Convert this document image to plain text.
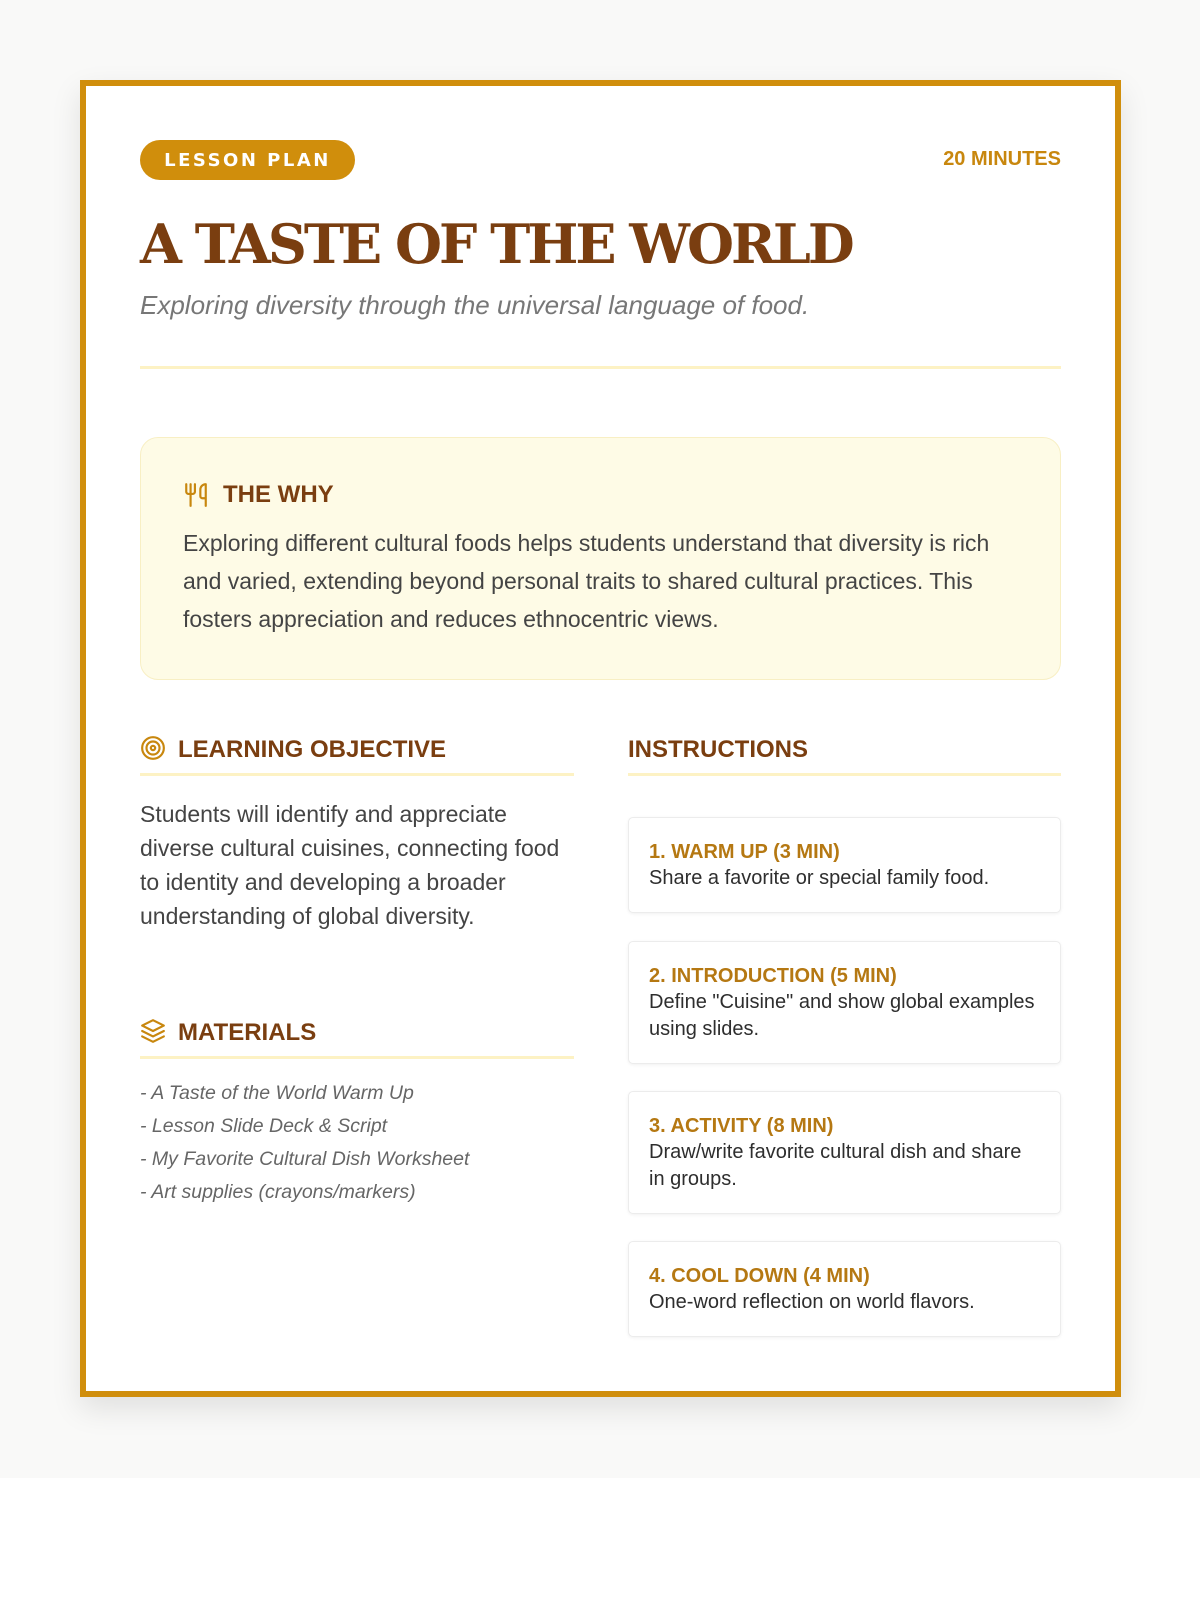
LESSON PLAN	20 MINUTES
A TASTE OF THE WORLD
Exploring diversity through the universal language of food.
THE WHY
Exploring different cultural foods helps students understand that diversity is rich and varied, extending beyond personal traits to shared cultural practices. This fosters appreciation and reduces ethnocentric views.
LEARNING OBJECTIVE
Students will identify and appreciate diverse cultural cuisines, connecting food to identity and developing a broader understanding of global diversity.
MATERIALS
- A Taste of the World Warm Up
- Lesson Slide Deck & Script
- My Favorite Cultural Dish Worksheet
- Art supplies (crayons/markers)
INSTRUCTIONS
1. WARM UP (3 MIN)
Share a favorite or special family food.
2. INTRODUCTION (5 MIN)
Define "Cuisine" and show global examples using slides.
3. ACTIVITY (8 MIN)
Draw/write favorite cultural dish and share in groups.
4. COOL DOWN (4 MIN)
One-word reflection on world flavors.
